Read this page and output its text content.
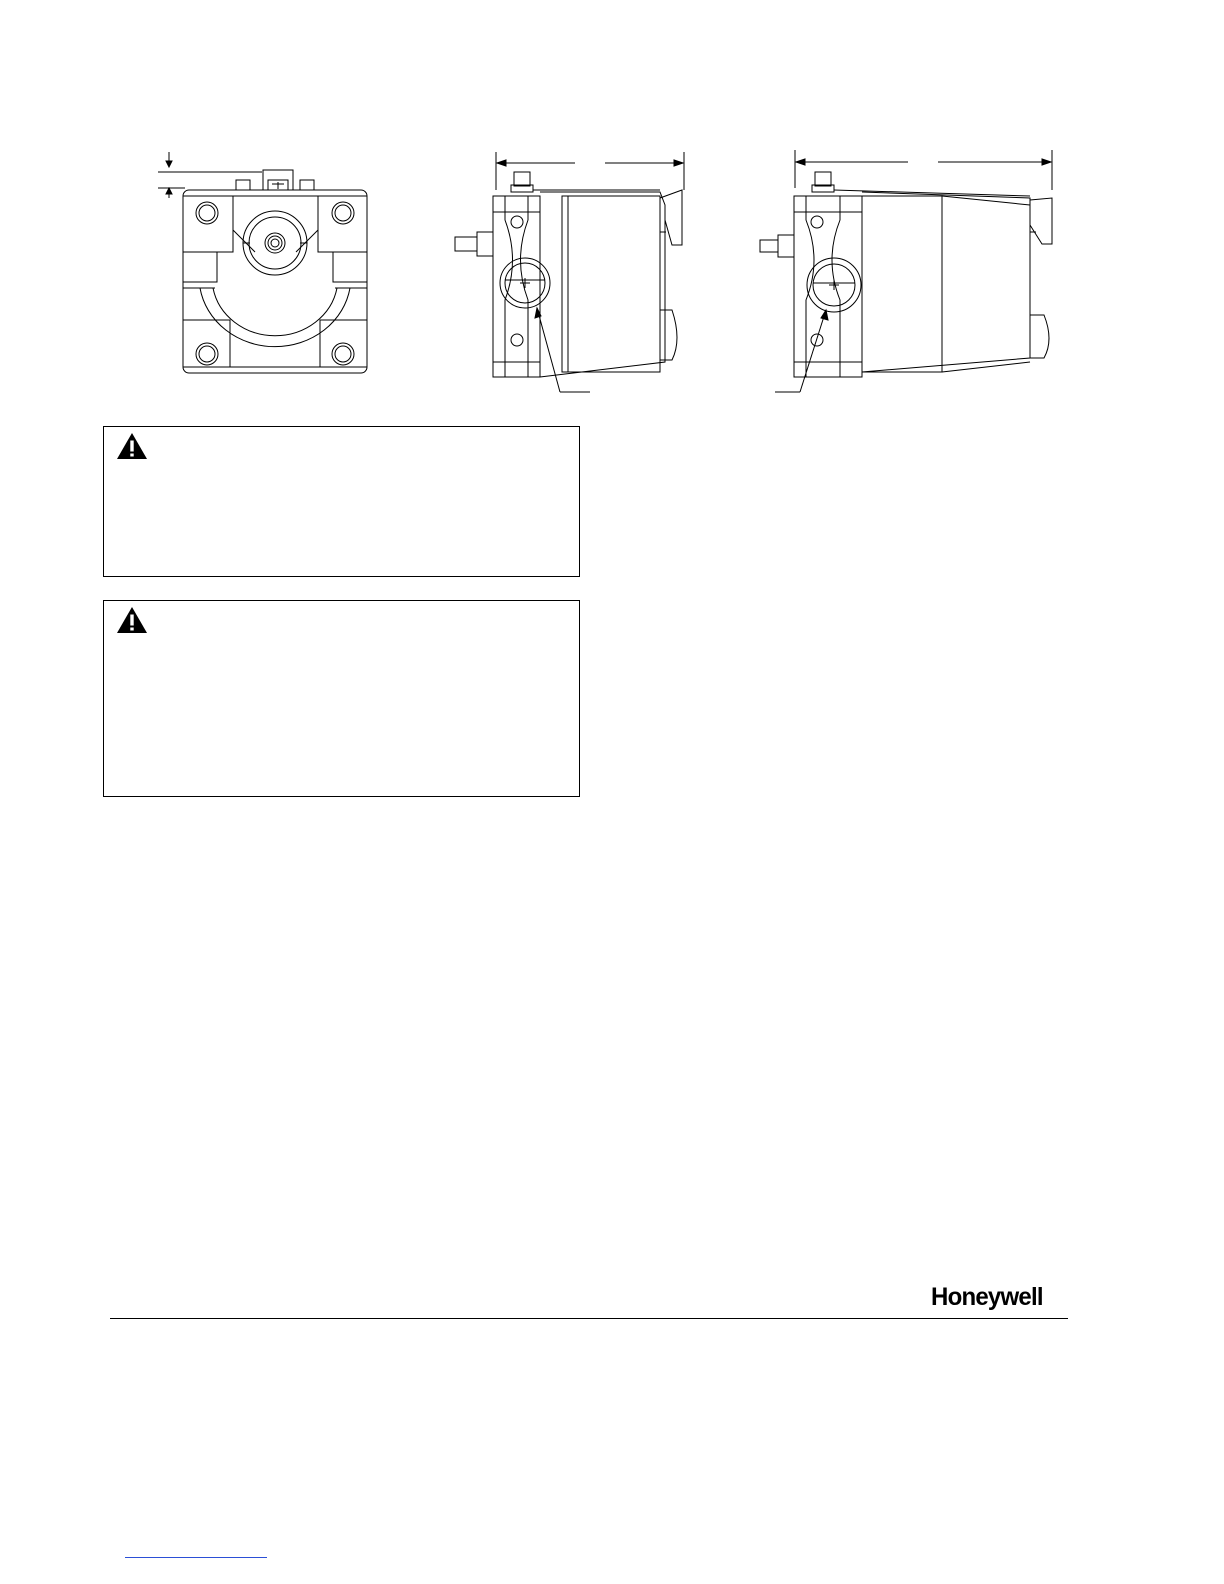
Honeywell
